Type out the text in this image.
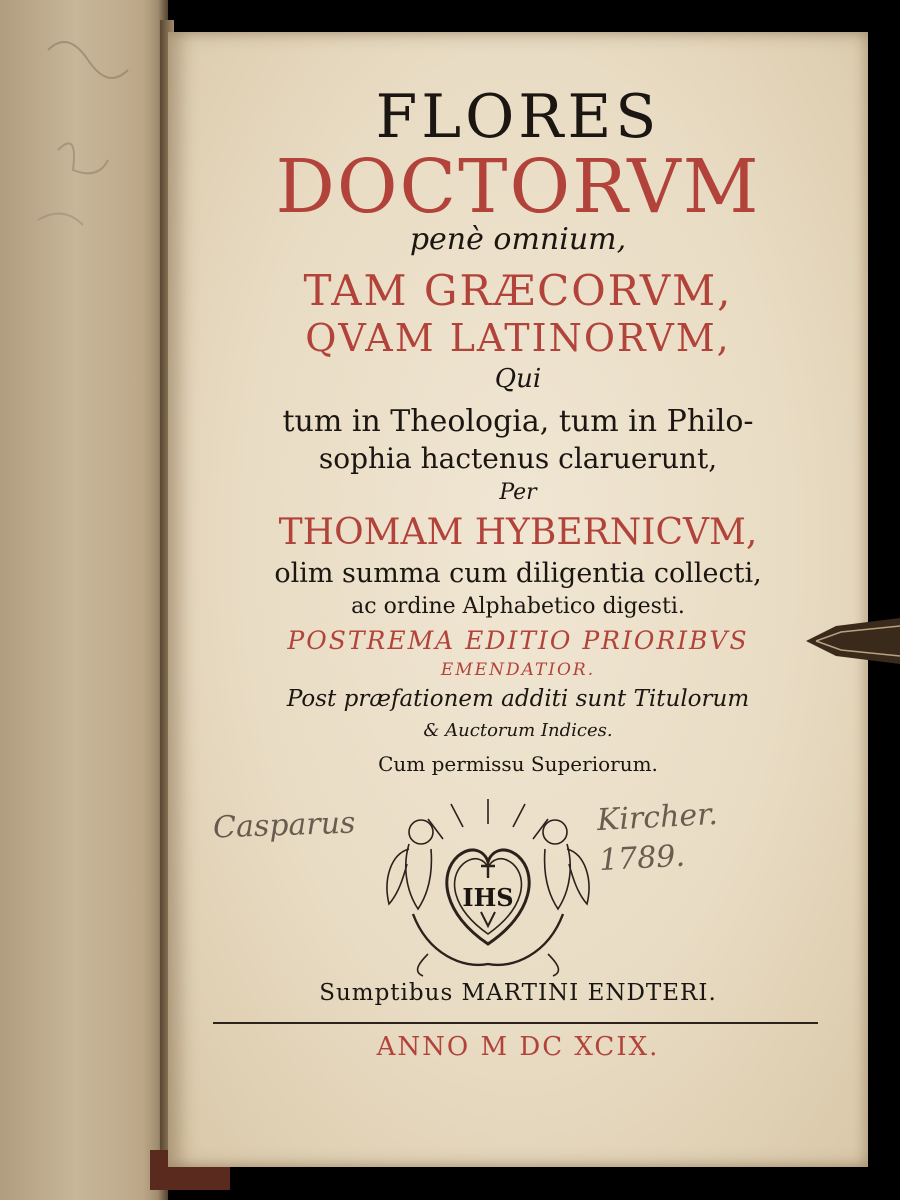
FLORES
DOCTORVM
penè omnium,
TAM GRÆCORVM,
QVAM LATINORVM,
Qui
tum in Theologia, tum in Philo-
sophia hactenus claruerunt,
Per
THOMAM HYBERNICVM,
olim summa cum diligentia collecti,
ac ordine Alphabetico digesti.
POSTREMA EDITIO PRIORIBVS
EMENDATIOR.
Post præfationem additi sunt Titulorum
& Auctorum Indices.
Cum permissu Superiorum.
Casparus	Kircher.
1789.
IHS
Sumptibus MARTINI ENDTERI.
ANNO M DC XCIX.
